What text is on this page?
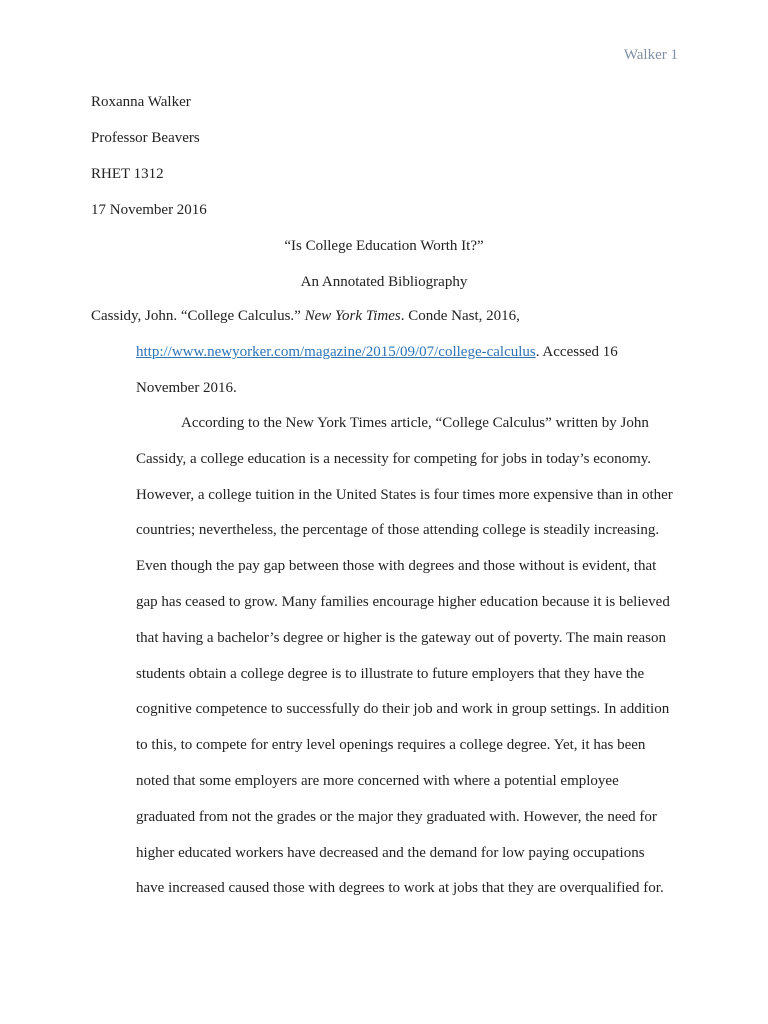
Walker 1
Roxanna Walker
Professor Beavers
RHET 1312
17 November 2016
“Is College Education Worth It?”
An Annotated Bibliography
Cassidy, John. “College Calculus.” New York Times. Conde Nast, 2016,
http://www.newyorker.com/magazine/2015/09/07/college-calculus. Accessed 16
November 2016.
According to the New York Times article, “College Calculus” written by John
Cassidy, a college education is a necessity for competing for jobs in today’s economy.
However, a college tuition in the United States is four times more expensive than in other
countries; nevertheless, the percentage of those attending college is steadily increasing.
Even though the pay gap between those with degrees and those without is evident, that
gap has ceased to grow. Many families encourage higher education because it is believed
that having a bachelor’s degree or higher is the gateway out of poverty. The main reason
students obtain a college degree is to illustrate to future employers that they have the
cognitive competence to successfully do their job and work in group settings. In addition
to this, to compete for entry level openings requires a college degree. Yet, it has been
noted that some employers are more concerned with where a potential employee
graduated from not the grades or the major they graduated with. However, the need for
higher educated workers have decreased and the demand for low paying occupations
have increased caused those with degrees to work at jobs that they are overqualified for.
